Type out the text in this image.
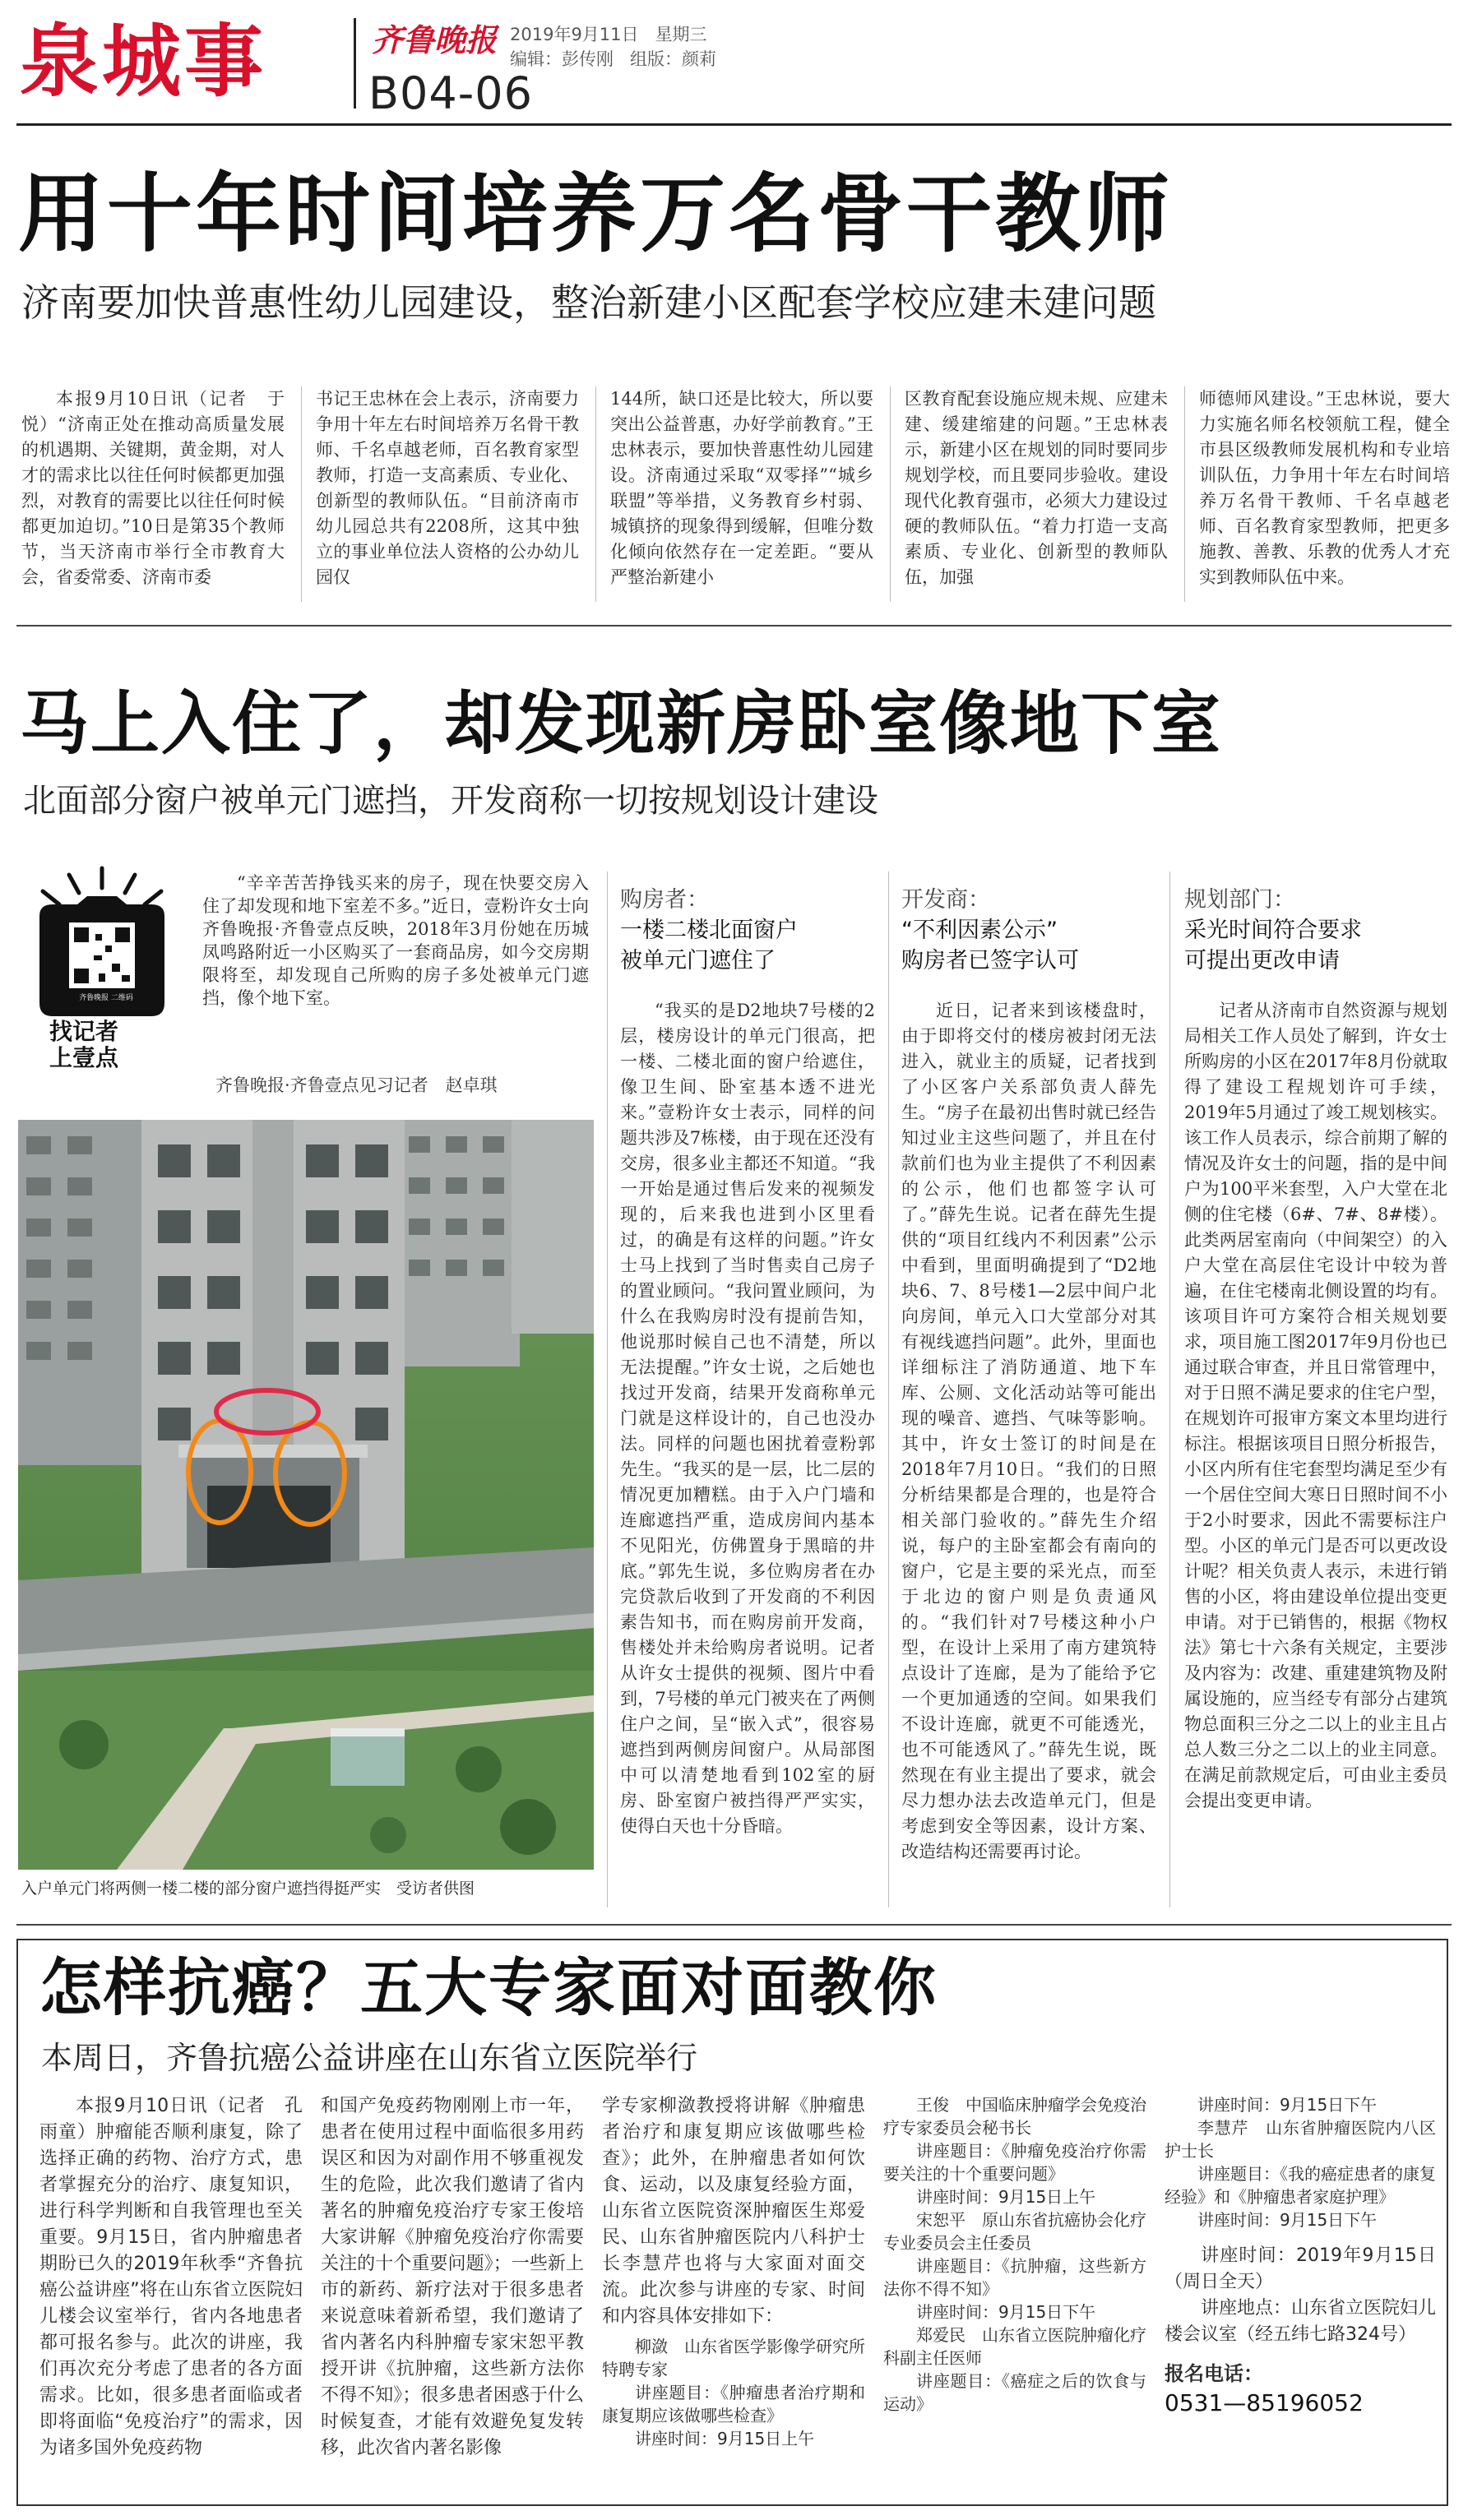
泉城事	齐鲁晚报
B04-06
2019年9月11日 星期三
编辑：彭传刚 组版：颜莉
用十年时间培养万名骨干教师
济南要加快普惠性幼儿园建设，整治新建小区配套学校应建未建问题
本报9月10日讯（记者　于悦）“济南正处在推动高质量发展的机遇期、关键期，黄金期，对人才的需求比以往任何时候都更加强烈，对教育的需要比以往任何时候都更加迫切。”10日是第35个教师节，当天济南市举行全市教育大会，省委常委、济南市委
书记王忠林在会上表示，济南要力争用十年左右时间培养万名骨干教师、千名卓越老师，百名教育家型教师，打造一支高素质、专业化、创新型的教师队伍。“目前济南市幼儿园总共有2208所，这其中独立的事业单位法人资格的公办幼儿园仅
144所，缺口还是比较大，所以要突出公益普惠，办好学前教育。”王忠林表示，要加快普惠性幼儿园建设。济南通过采取“双零择”“城乡联盟”等举措，义务教育乡村弱、城镇挤的现象得到缓解，但唯分数化倾向依然存在一定差距。“要从严整治新建小
区教育配套设施应规未规、应建未建、缓建缩建的问题。”王忠林表示，新建小区在规划的同时要同步规划学校，而且要同步验收。建设现代化教育强市，必须大力建设过硬的教师队伍。“着力打造一支高素质、专业化、创新型的教师队伍，加强
师德师风建设。”王忠林说，要大力实施名师名校领航工程，健全市县区级教师发展机构和专业培训队伍，力争用十年左右时间培养万名骨干教师、千名卓越老师、百名教育家型教师，把更多施教、善教、乐教的优秀人才充实到教师队伍中来。
马上入住了，却发现新房卧室像地下室
北面部分窗户被单元门遮挡，开发商称一切按规划设计建设
齐鲁晚报 二维码
找记者
上壹点
“辛辛苦苦挣钱买来的房子，现在快要交房入住了却发现和地下室差不多。”近日，壹粉许女士向齐鲁晚报·齐鲁壹点反映，2018年3月份她在历城凤鸣路附近一小区购买了一套商品房，如今交房期限将至，却发现自己所购的房子多处被单元门遮挡，像个地下室。
齐鲁晚报·齐鲁壹点见习记者　赵卓琪
入户单元门将两侧一楼二楼的部分窗户遮挡得挺严实　受访者供图
购房者：
一楼二楼北面窗户
被单元门遮住了
“我买的是D2地块7号楼的2层，楼房设计的单元门很高，把一楼、二楼北面的窗户给遮住，像卫生间、卧室基本透不进光来。”壹粉许女士表示，同样的问题共涉及7栋楼，由于现在还没有交房，很多业主都还不知道。“我一开始是通过售后发来的视频发现的，后来我也进到小区里看过，的确是有这样的问题。”许女士马上找到了当时售卖自己房子的置业顾问。“我问置业顾问，为什么在我购房时没有提前告知，他说那时候自己也不清楚，所以无法提醒。”许女士说，之后她也找过开发商，结果开发商称单元门就是这样设计的，自己也没办法。同样的问题也困扰着壹粉郭先生。“我买的是一层，比二层的情况更加糟糕。由于入户门墙和连廊遮挡严重，造成房间内基本不见阳光，仿佛置身于黑暗的井底。”郭先生说，多位购房者在办完贷款后收到了开发商的不利因素告知书，而在购房前开发商，售楼处并未给购房者说明。记者从许女士提供的视频、图片中看到，7号楼的单元门被夹在了两侧住户之间，呈“嵌入式”，很容易遮挡到两侧房间窗户。从局部图中可以清楚地看到102室的厨房、卧室窗户被挡得严严实实，使得白天也十分昏暗。
开发商：
“不利因素公示”
购房者已签字认可
近日，记者来到该楼盘时，由于即将交付的楼房被封闭无法进入，就业主的质疑，记者找到了小区客户关系部负责人薛先生。“房子在最初出售时就已经告知过业主这些问题了，并且在付款前们也为业主提供了不利因素的公示，他们也都签字认可了。”薛先生说。记者在薛先生提供的“项目红线内不利因素”公示中看到，里面明确提到了“D2地块6、7、8号楼1—2层中间户北向房间，单元入口大堂部分对其有视线遮挡问题”。此外，里面也详细标注了消防通道、地下车库、公厕、文化活动站等可能出现的噪音、遮挡、气味等影响。其中，许女士签订的时间是在2018年7月10日。“我们的日照分析结果都是合理的，也是符合相关部门验收的。”薛先生介绍说，每户的主卧室都会有南向的窗户，它是主要的采光点，而至于北边的窗户则是负责通风的。“我们针对7号楼这种小户型，在设计上采用了南方建筑特点设计了连廊，是为了能给予它一个更加通透的空间。如果我们不设计连廊，就更不可能透光，也不可能透风了。”薛先生说，既然现在有业主提出了要求，就会尽力想办法去改造单元门，但是考虑到安全等因素，设计方案、改造结构还需要再讨论。
规划部门：
采光时间符合要求
可提出更改申请
记者从济南市自然资源与规划局相关工作人员处了解到，许女士所购房的小区在2017年8月份就取得了建设工程规划许可手续，2019年5月通过了竣工规划核实。该工作人员表示，综合前期了解的情况及许女士的问题，指的是中间户为100平米套型，入户大堂在北侧的住宅楼（6#、7#、8#楼）。此类两居室南向（中间架空）的入户大堂在高层住宅设计中较为普遍，在住宅楼南北侧设置的均有。该项目许可方案符合相关规划要求，项目施工图2017年9月份也已通过联合审查，并且日常管理中，对于日照不满足要求的住宅户型，在规划许可报审方案文本里均进行标注。根据该项目日照分析报告，小区内所有住宅套型均满足至少有一个居住空间大寒日日照时间不小于2小时要求，因此不需要标注户型。小区的单元门是否可以更改设计呢？相关负责人表示，未进行销售的小区，将由建设单位提出变更申请。对于已销售的，根据《物权法》第七十六条有关规定，主要涉及内容为：改建、重建建筑物及附属设施的，应当经专有部分占建筑物总面积三分之二以上的业主且占总人数三分之二以上的业主同意。在满足前款规定后，可由业主委员会提出变更申请。
怎样抗癌？五大专家面对面教你
本周日，齐鲁抗癌公益讲座在山东省立医院举行
本报9月10日讯（记者　孔雨童）肿瘤能否顺利康复，除了选择正确的药物、治疗方式，患者掌握充分的治疗、康复知识，进行科学判断和自我管理也至关重要。9月15日，省内肿瘤患者期盼已久的2019年秋季“齐鲁抗癌公益讲座”将在山东省立医院妇儿楼会议室举行，省内各地患者都可报名参与。此次的讲座，我们再次充分考虑了患者的各方面需求。比如，很多患者面临或者即将面临“免疫治疗”的需求，因为诸多国外免疫药物
和国产免疫药物刚刚上市一年，患者在使用过程中面临很多用药误区和因为对副作用不够重视发生的危险，此次我们邀请了省内著名的肿瘤免疫治疗专家王俊培大家讲解《肿瘤免疫治疗你需要关注的十个重要问题》；一些新上市的新药、新疗法对于很多患者来说意味着新希望，我们邀请了省内著名内科肿瘤专家宋恕平教授开讲《抗肿瘤，这些新方法你不得不知》；很多患者困惑于什么时候复查，才能有效避免复发转移，此次省内著名影像
学专家柳潋教授将讲解《肿瘤患者治疗和康复期应该做哪些检查》；此外，在肿瘤患者如何饮食、运动，以及康复经验方面，山东省立医院资深肿瘤医生郑爱民、山东省肿瘤医院内八科护士长李慧芹也将与大家面对面交流。此次参与讲座的专家、时间和内容具体安排如下：
柳潋　山东省医学影像学研究所特聘专家
讲座题目：《肿瘤患者治疗期和康复期应该做哪些检查》
讲座时间：9月15日上午
王俊　中国临床肿瘤学会免疫治疗专家委员会秘书长
讲座题目：《肿瘤免疫治疗你需要关注的十个重要问题》
讲座时间：9月15日上午
宋恕平　原山东省抗癌协会化疗专业委员会主任委员
讲座题目：《抗肿瘤，这些新方法你不得不知》
讲座时间：9月15日下午
郑爱民　山东省立医院肿瘤化疗科副主任医师
讲座题目：《癌症之后的饮食与运动》
讲座时间：9月15日下午
李慧芹　山东省肿瘤医院内八区护士长
讲座题目：《我的癌症患者的康复经验》和《肿瘤患者家庭护理》
讲座时间：9月15日下午
讲座时间：2019年9月15日（周日全天）
讲座地点：山东省立医院妇儿楼会议室（经五纬七路324号）
报名电话：
0531—85196052
